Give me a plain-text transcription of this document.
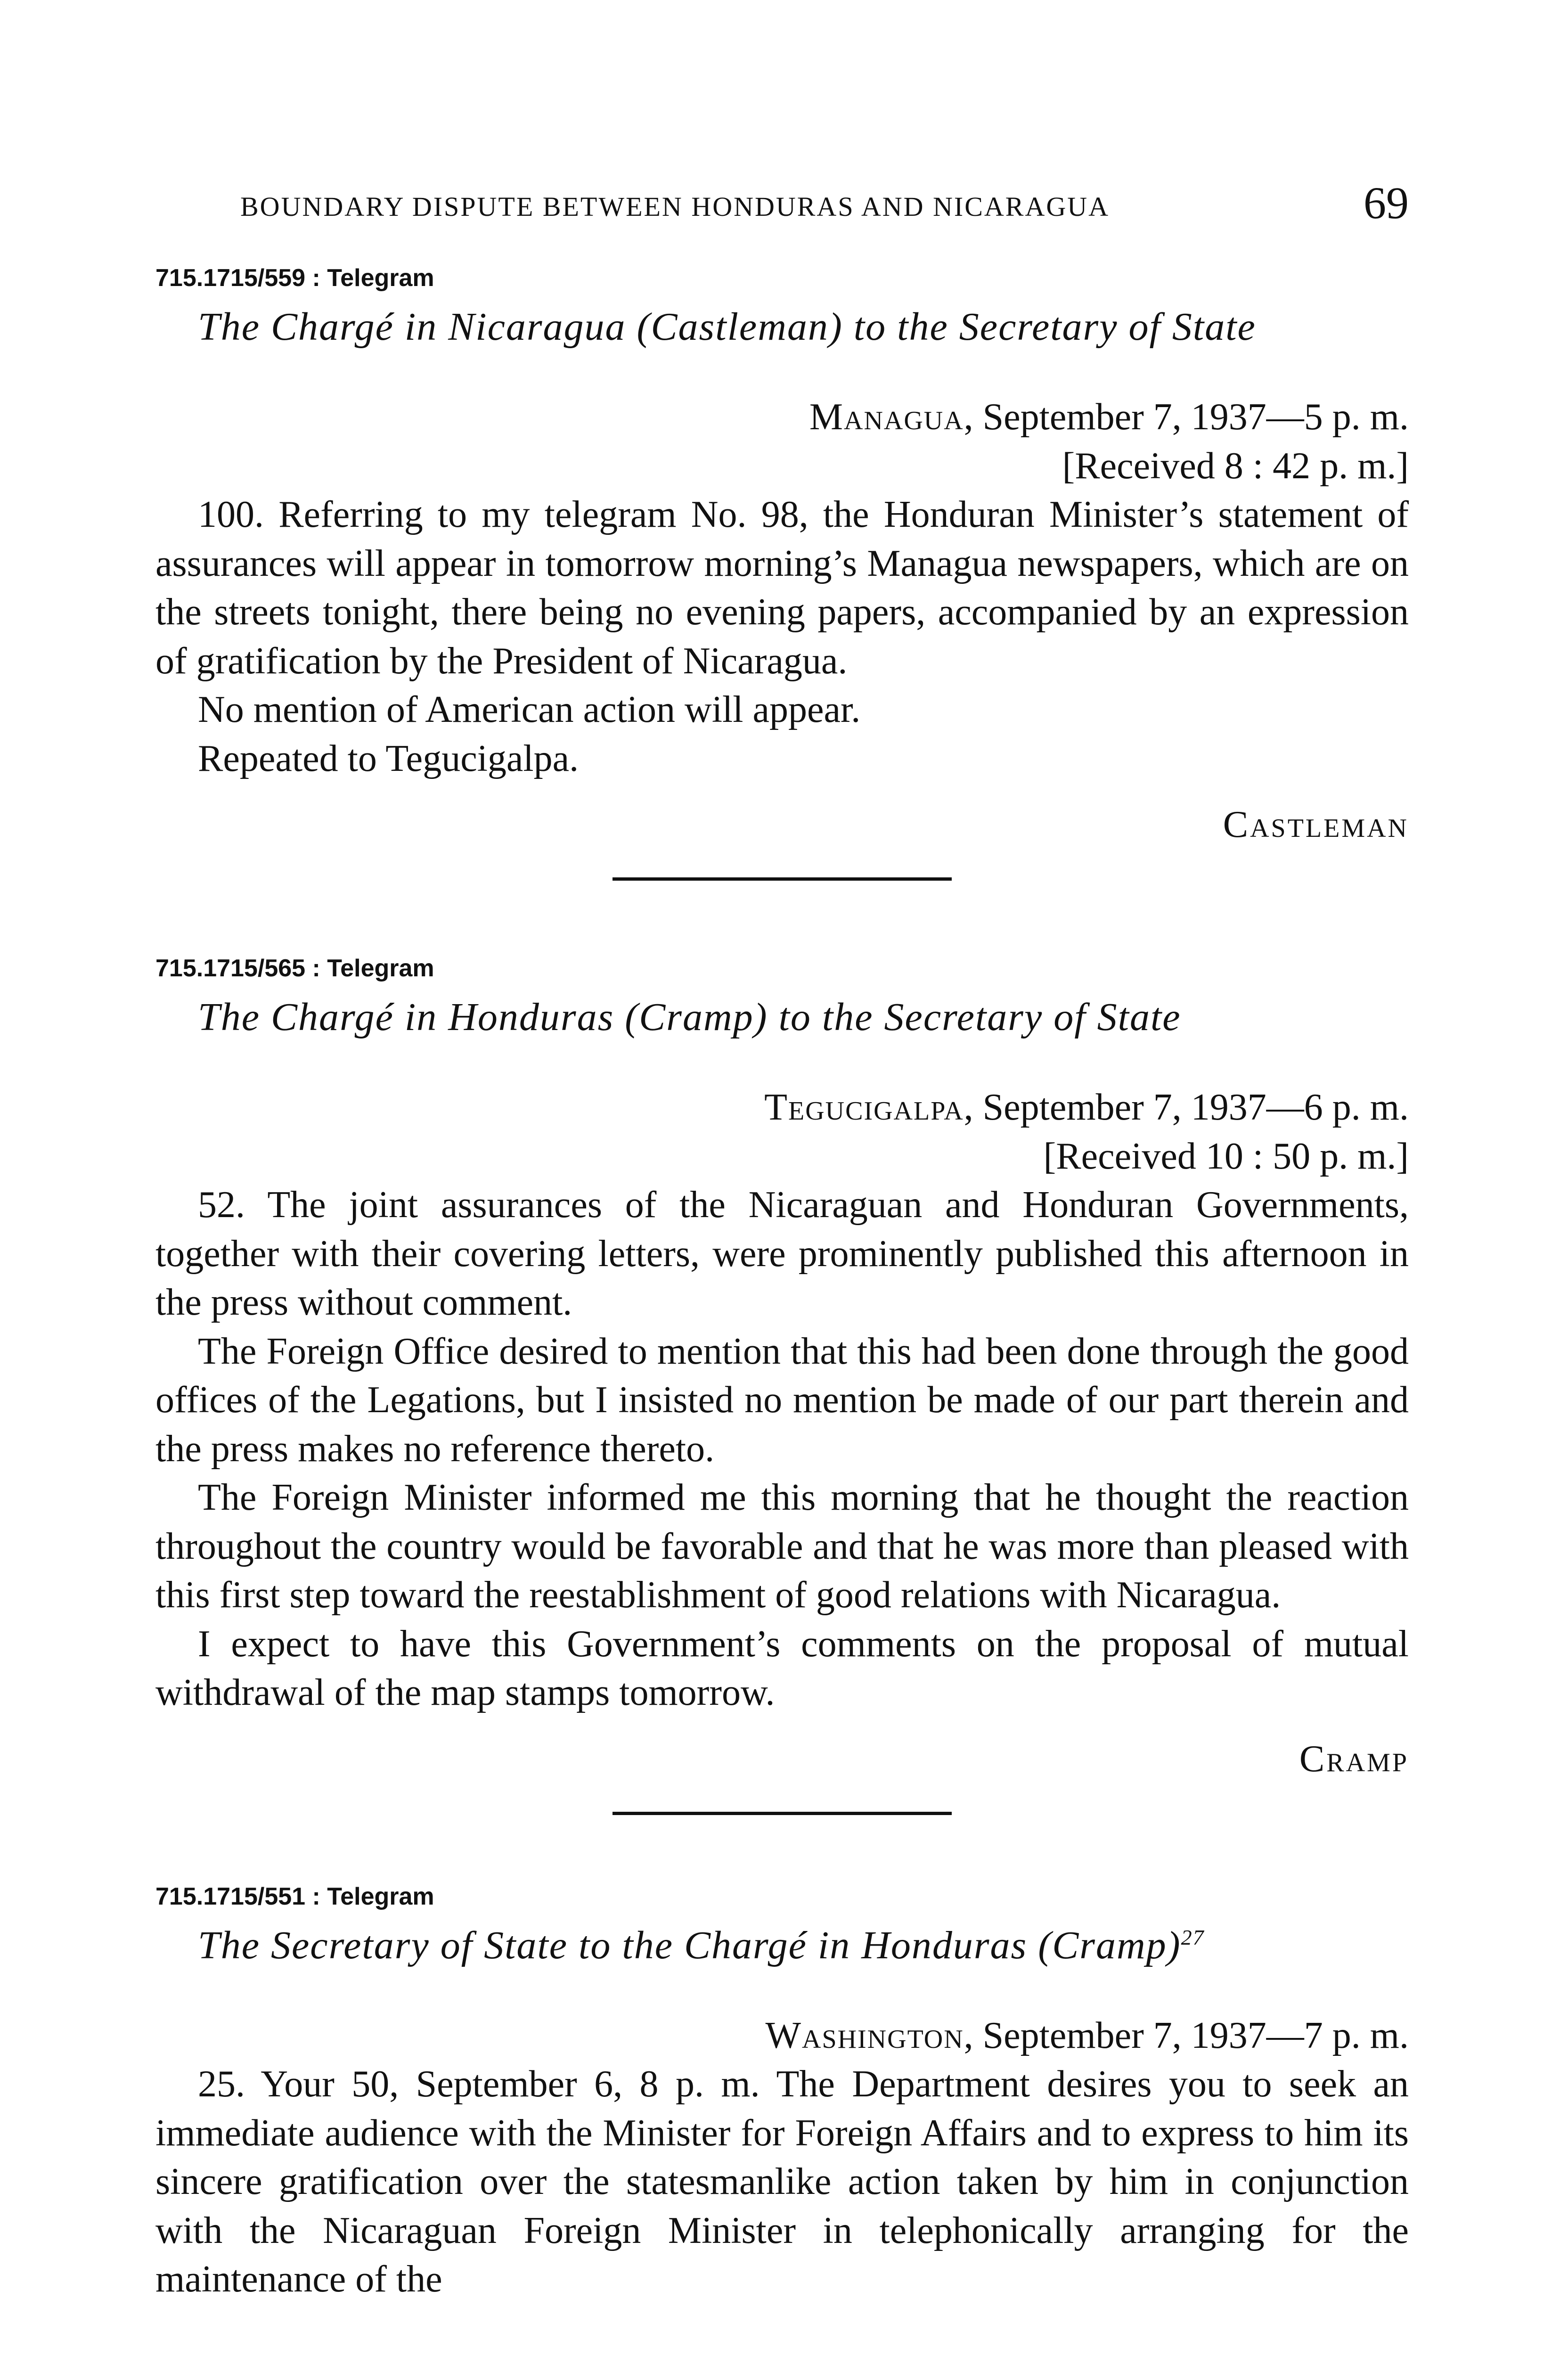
BOUNDARY DISPUTE BETWEEN HONDURAS AND NICARAGUA	69
715.1715/559 : Telegram
The Chargé in Nicaragua (Castleman) to the Secretary of State
Managua, September 7, 1937—5 p. m.
[Received 8 : 42 p. m.]

100. Referring to my telegram No. 98, the Honduran Minister’s statement of assurances will appear in tomorrow morning’s Managua newspapers, which are on the streets tonight, there being no evening papers, accompanied by an expression of gratification by the President of Nicaragua.

No mention of American action will appear.

Repeated to Tegucigalpa.

Castleman
715.1715/565 : Telegram
The Chargé in Honduras (Cramp) to the Secretary of State
Tegucigalpa, September 7, 1937—6 p. m.
[Received 10 : 50 p. m.]

52. The joint assurances of the Nicaraguan and Honduran Governments, together with their covering letters, were prominently published this afternoon in the press without comment.

The Foreign Office desired to mention that this had been done through the good offices of the Legations, but I insisted no mention be made of our part therein and the press makes no reference thereto.

The Foreign Minister informed me this morning that he thought the reaction throughout the country would be favorable and that he was more than pleased with this first step toward the reestablishment of good relations with Nicaragua.

I expect to have this Government’s comments on the proposal of mutual withdrawal of the map stamps tomorrow.

Cramp
715.1715/551 : Telegram
The Secretary of State to the Chargé in Honduras (Cramp)$^{27}$
Washington, September 7, 1937—7 p. m.

25. Your 50, September 6, 8 p. m. The Department desires you to seek an immediate audience with the Minister for Foreign Affairs and to express to him its sincere gratification over the statesmanlike action taken by him in conjunction with the Nicaraguan Foreign Minister in telephonically arranging for the maintenance of the
